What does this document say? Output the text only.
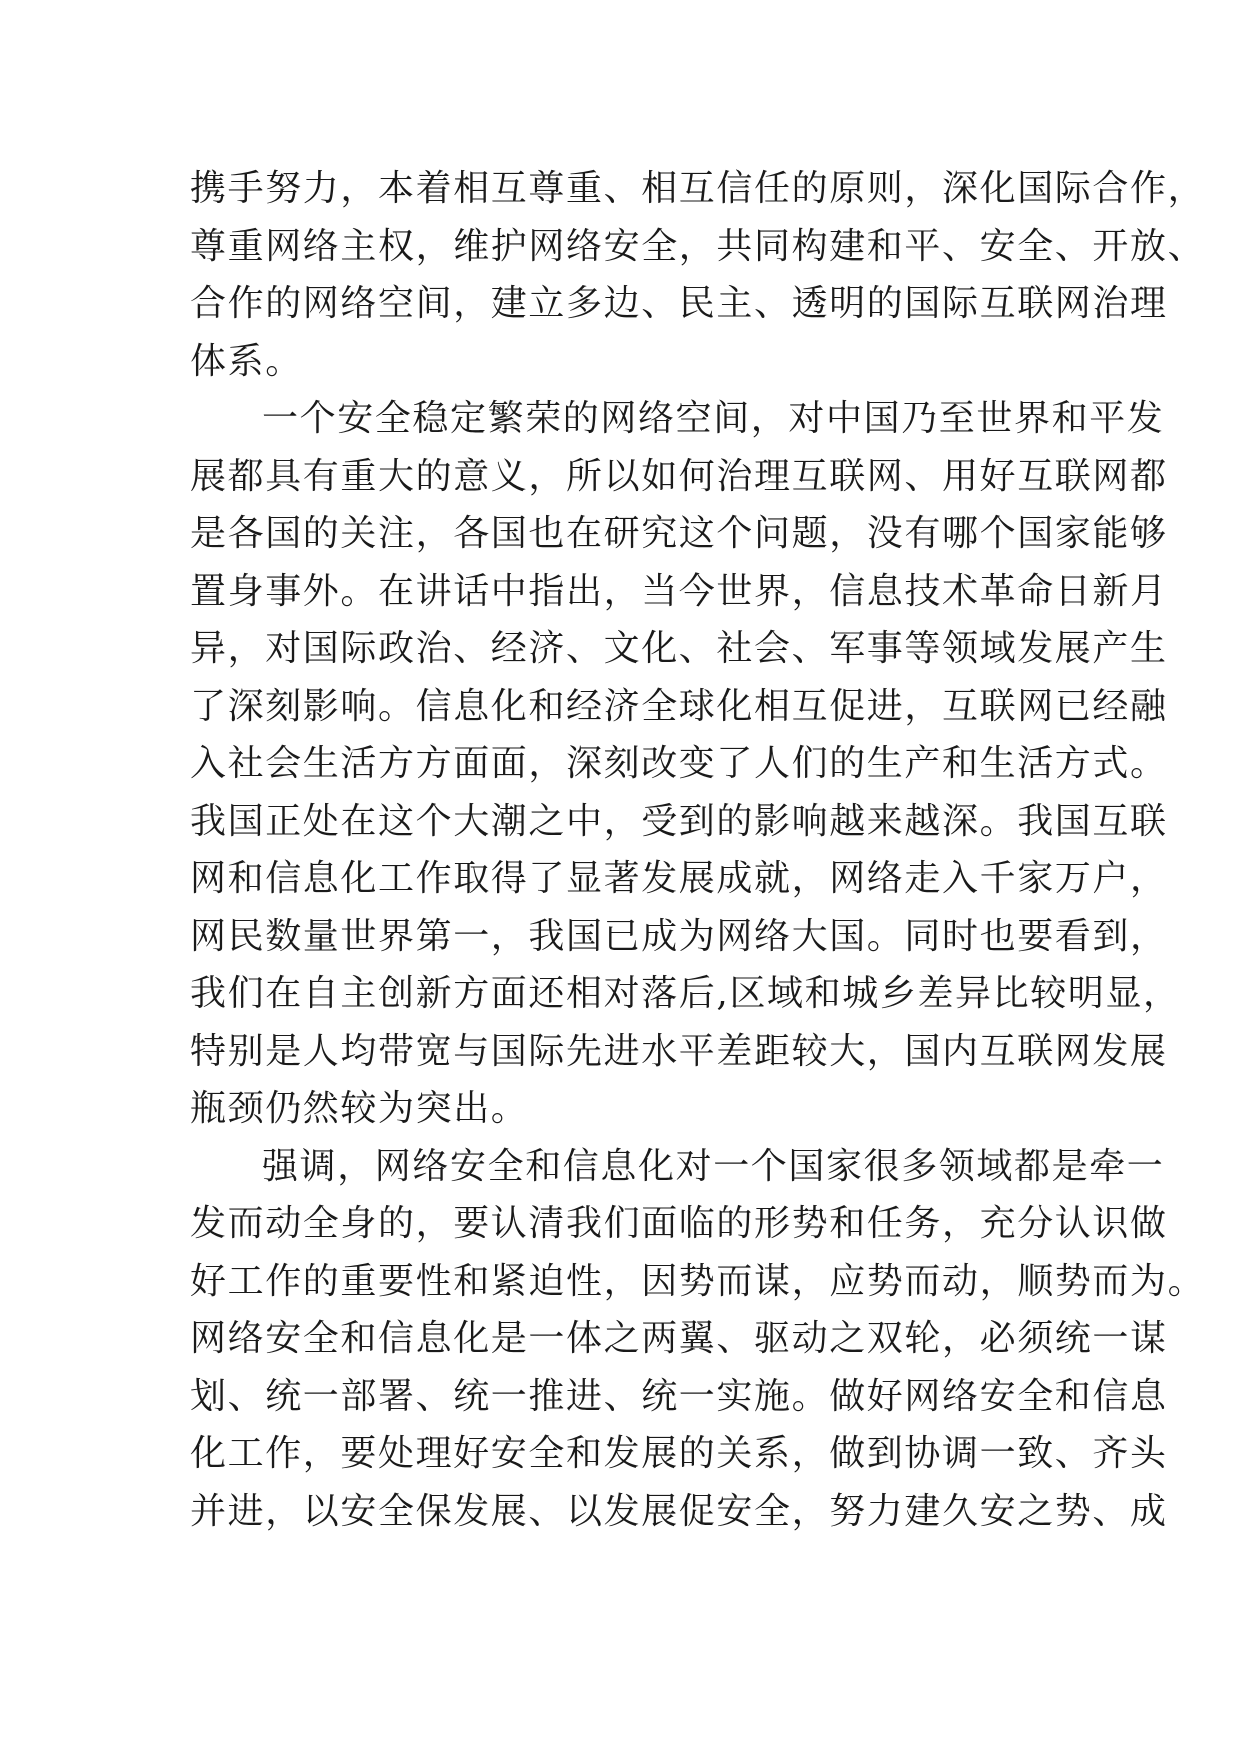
携手努力，本着相互尊重、相互信任的原则，深化国际合作，
尊重网络主权，维护网络安全，共同构建和平、安全、开放、
合作的网络空间，建立多边、民主、透明的国际互联网治理
体系。
一个安全稳定繁荣的网络空间，对中国乃至世界和平发
展都具有重大的意义，所以如何治理互联网、用好互联网都
是各国的关注，各国也在研究这个问题，没有哪个国家能够
置身事外。在讲话中指出，当今世界，信息技术革命日新月
异，对国际政治、经济、文化、社会、军事等领域发展产生
了深刻影响。信息化和经济全球化相互促进，互联网已经融
入社会生活方方面面，深刻改变了人们的生产和生活方式。
我国正处在这个大潮之中，受到的影响越来越深。我国互联
网和信息化工作取得了显著发展成就，网络走入千家万户，
网民数量世界第一，我国已成为网络大国。同时也要看到，
我们在自主创新方面还相对落后,区域和城乡差异比较明显，
特别是人均带宽与国际先进水平差距较大，国内互联网发展
瓶颈仍然较为突出。
强调，网络安全和信息化对一个国家很多领域都是牵一
发而动全身的，要认清我们面临的形势和任务，充分认识做
好工作的重要性和紧迫性，因势而谋，应势而动，顺势而为。
网络安全和信息化是一体之两翼、驱动之双轮，必须统一谋
划、统一部署、统一推进、统一实施。做好网络安全和信息
化工作，要处理好安全和发展的关系，做到协调一致、齐头
并进，以安全保发展、以发展促安全，努力建久安之势、成
